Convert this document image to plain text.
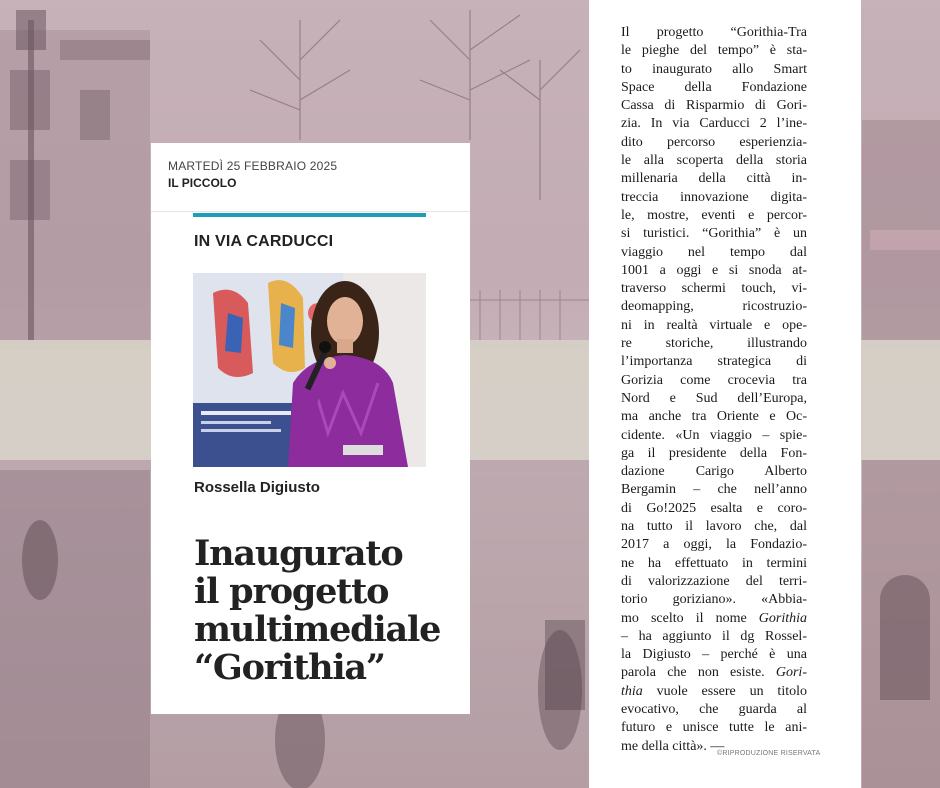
MARTEDÌ 25 FEBBRAIO 2025
IL PICCOLO
IN VIA CARDUCCI
Rossella Digiusto
Inaugurato
il progetto
multimediale
“Gorithia”
Il progetto “Gorithia-Tra
le pieghe del tempo” è sta-
to inaugurato allo Smart
Space della Fondazione
Cassa di Risparmio di Gori-
zia. In via Carducci 2 l’ine-
dito percorso esperienzia-
le alla scoperta della storia
millenaria della città in-
treccia innovazione digita-
le, mostre, eventi e percor-
si turistici. “Gorithia” è un
viaggio nel tempo dal
1001 a oggi e si snoda at-
traverso schermi touch, vi-
deomapping, ricostruzio-
ni in realtà virtuale e ope-
re storiche, illustrando
l’importanza strategica di
Gorizia come crocevia tra
Nord e Sud dell’Europa,
ma anche tra Oriente e Oc-
cidente. «Un viaggio – spie-
ga il presidente della Fon-
dazione Carigo Alberto
Bergamin – che nell’anno
di Go!2025 esalta e coro-
na tutto il lavoro che, dal
2017 a oggi, la Fondazio-
ne ha effettuato in termini
di valorizzazione del terri-
torio goriziano». «Abbia-
mo scelto il nome Gorithia
– ha aggiunto il dg Rossel-
la Digiusto – perché è una
parola che non esiste. Gori-
thia vuole essere un titolo
evocativo, che guarda al
futuro e unisce tutte le ani-
me della città». —
©RIPRODUZIONE RISERVATA
